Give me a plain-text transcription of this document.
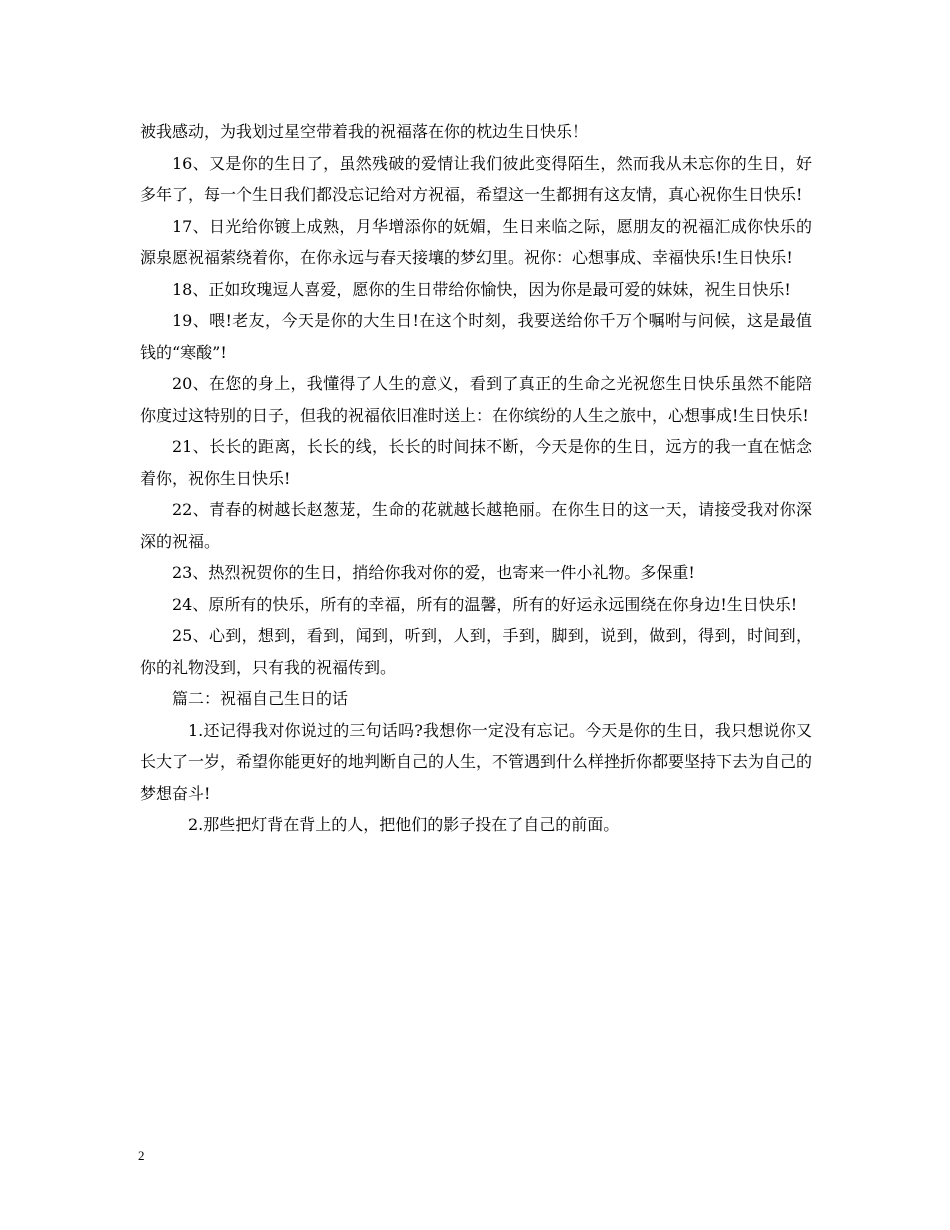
被我感动，为我划过星空带着我的祝福落在你的枕边生日快乐！

16、又是你的生日了，虽然残破的爱情让我们彼此变得陌生，然而我从未忘你的生日，好多年了，每一个生日我们都没忘记给对方祝福，希望这一生都拥有这友情，真心祝你生日快乐!

17、日光给你镀上成熟，月华增添你的妩媚，生日来临之际，愿朋友的祝福汇成你快乐的源泉愿祝福萦绕着你，在你永远与春天接壤的梦幻里。祝你：心想事成、幸福快乐!生日快乐!

18、正如玫瑰逗人喜爱，愿你的生日带给你愉快，因为你是最可爱的妹妹，祝生日快乐!

19、喂!老友，今天是你的大生日!在这个时刻，我要送给你千万个嘱咐与问候，这是最值钱的“寒酸”!

20、在您的身上，我懂得了人生的意义，看到了真正的生命之光祝您生日快乐虽然不能陪你度过这特别的日子，但我的祝福依旧准时送上：在你缤纷的人生之旅中，心想事成!生日快乐!

21、长长的距离，长长的线，长长的时间抹不断，今天是你的生日，远方的我一直在惦念着你，祝你生日快乐!

22、青春的树越长赵葱茏，生命的花就越长越艳丽。在你生日的这一天，请接受我对你深深的祝福。

23、热烈祝贺你的生日，捎给你我对你的爱，也寄来一件小礼物。多保重!

24、原所有的快乐，所有的幸福，所有的温馨，所有的好运永远围绕在你身边!生日快乐!

25、心到，想到，看到，闻到，听到，人到，手到，脚到，说到，做到，得到，时间到，你的礼物没到，只有我的祝福传到。

篇二：祝福自己生日的话

1.还记得我对你说过的三句话吗?我想你一定没有忘记。今天是你的生日，我只想说你又长大了一岁，希望你能更好的地判断自己的人生，不管遇到什么样挫折你都要坚持下去为自己的梦想奋斗!

2.那些把灯背在背上的人，把他们的影子投在了自己的前面。

2
